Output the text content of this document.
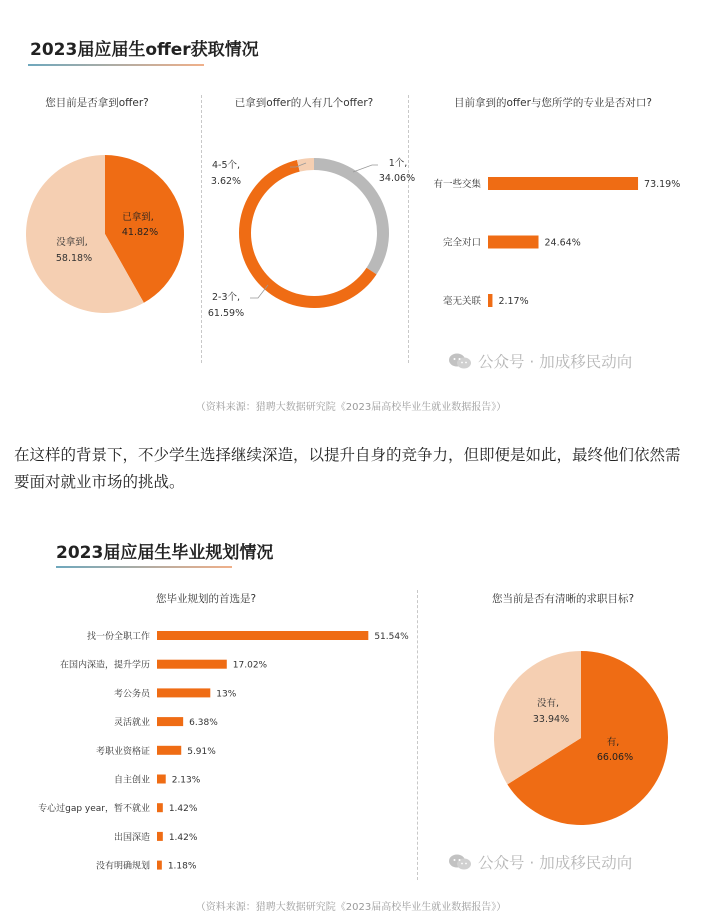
2023届应届生offer获取情况
您目前是否拿到offer?	已拿到offer的人有几个offer?	目前拿到的offer与您所学的专业是否对口?
已拿到,
41.82%
没拿到,
58.18%
1个,
34.06%
2-3个,
61.59%
4-5个,
3.62%	有一些交集	73.19%
完全对口	24.64%
毫无关联 2.17%
公众号 · 加成移民动向
（资料来源：猎聘大数据研究院《2023届高校毕业生就业数据报告》）
在这样的背景下，不少学生选择继续深造，以提升自身的竞争力，但即便是如此，最终他们依然需要面对就业市场的挑战。
2023届应届生毕业规划情况
您毕业规划的首选是?	您当前是否有清晰的求职目标?
找一份全职工作	51.54%
在国内深造，提升学历	17.02%
考公务员	13%
灵活就业	6.38%
考职业资格证	5.91%
自主创业 2.13%
专心过gap year，暂不就业 1.42%
出国深造 1.42%
没有明确规划 1.18%
有,
66.06%
没有,
33.94%
公众号 · 加成移民动向
（资料来源：猎聘大数据研究院《2023届高校毕业生就业数据报告》）
